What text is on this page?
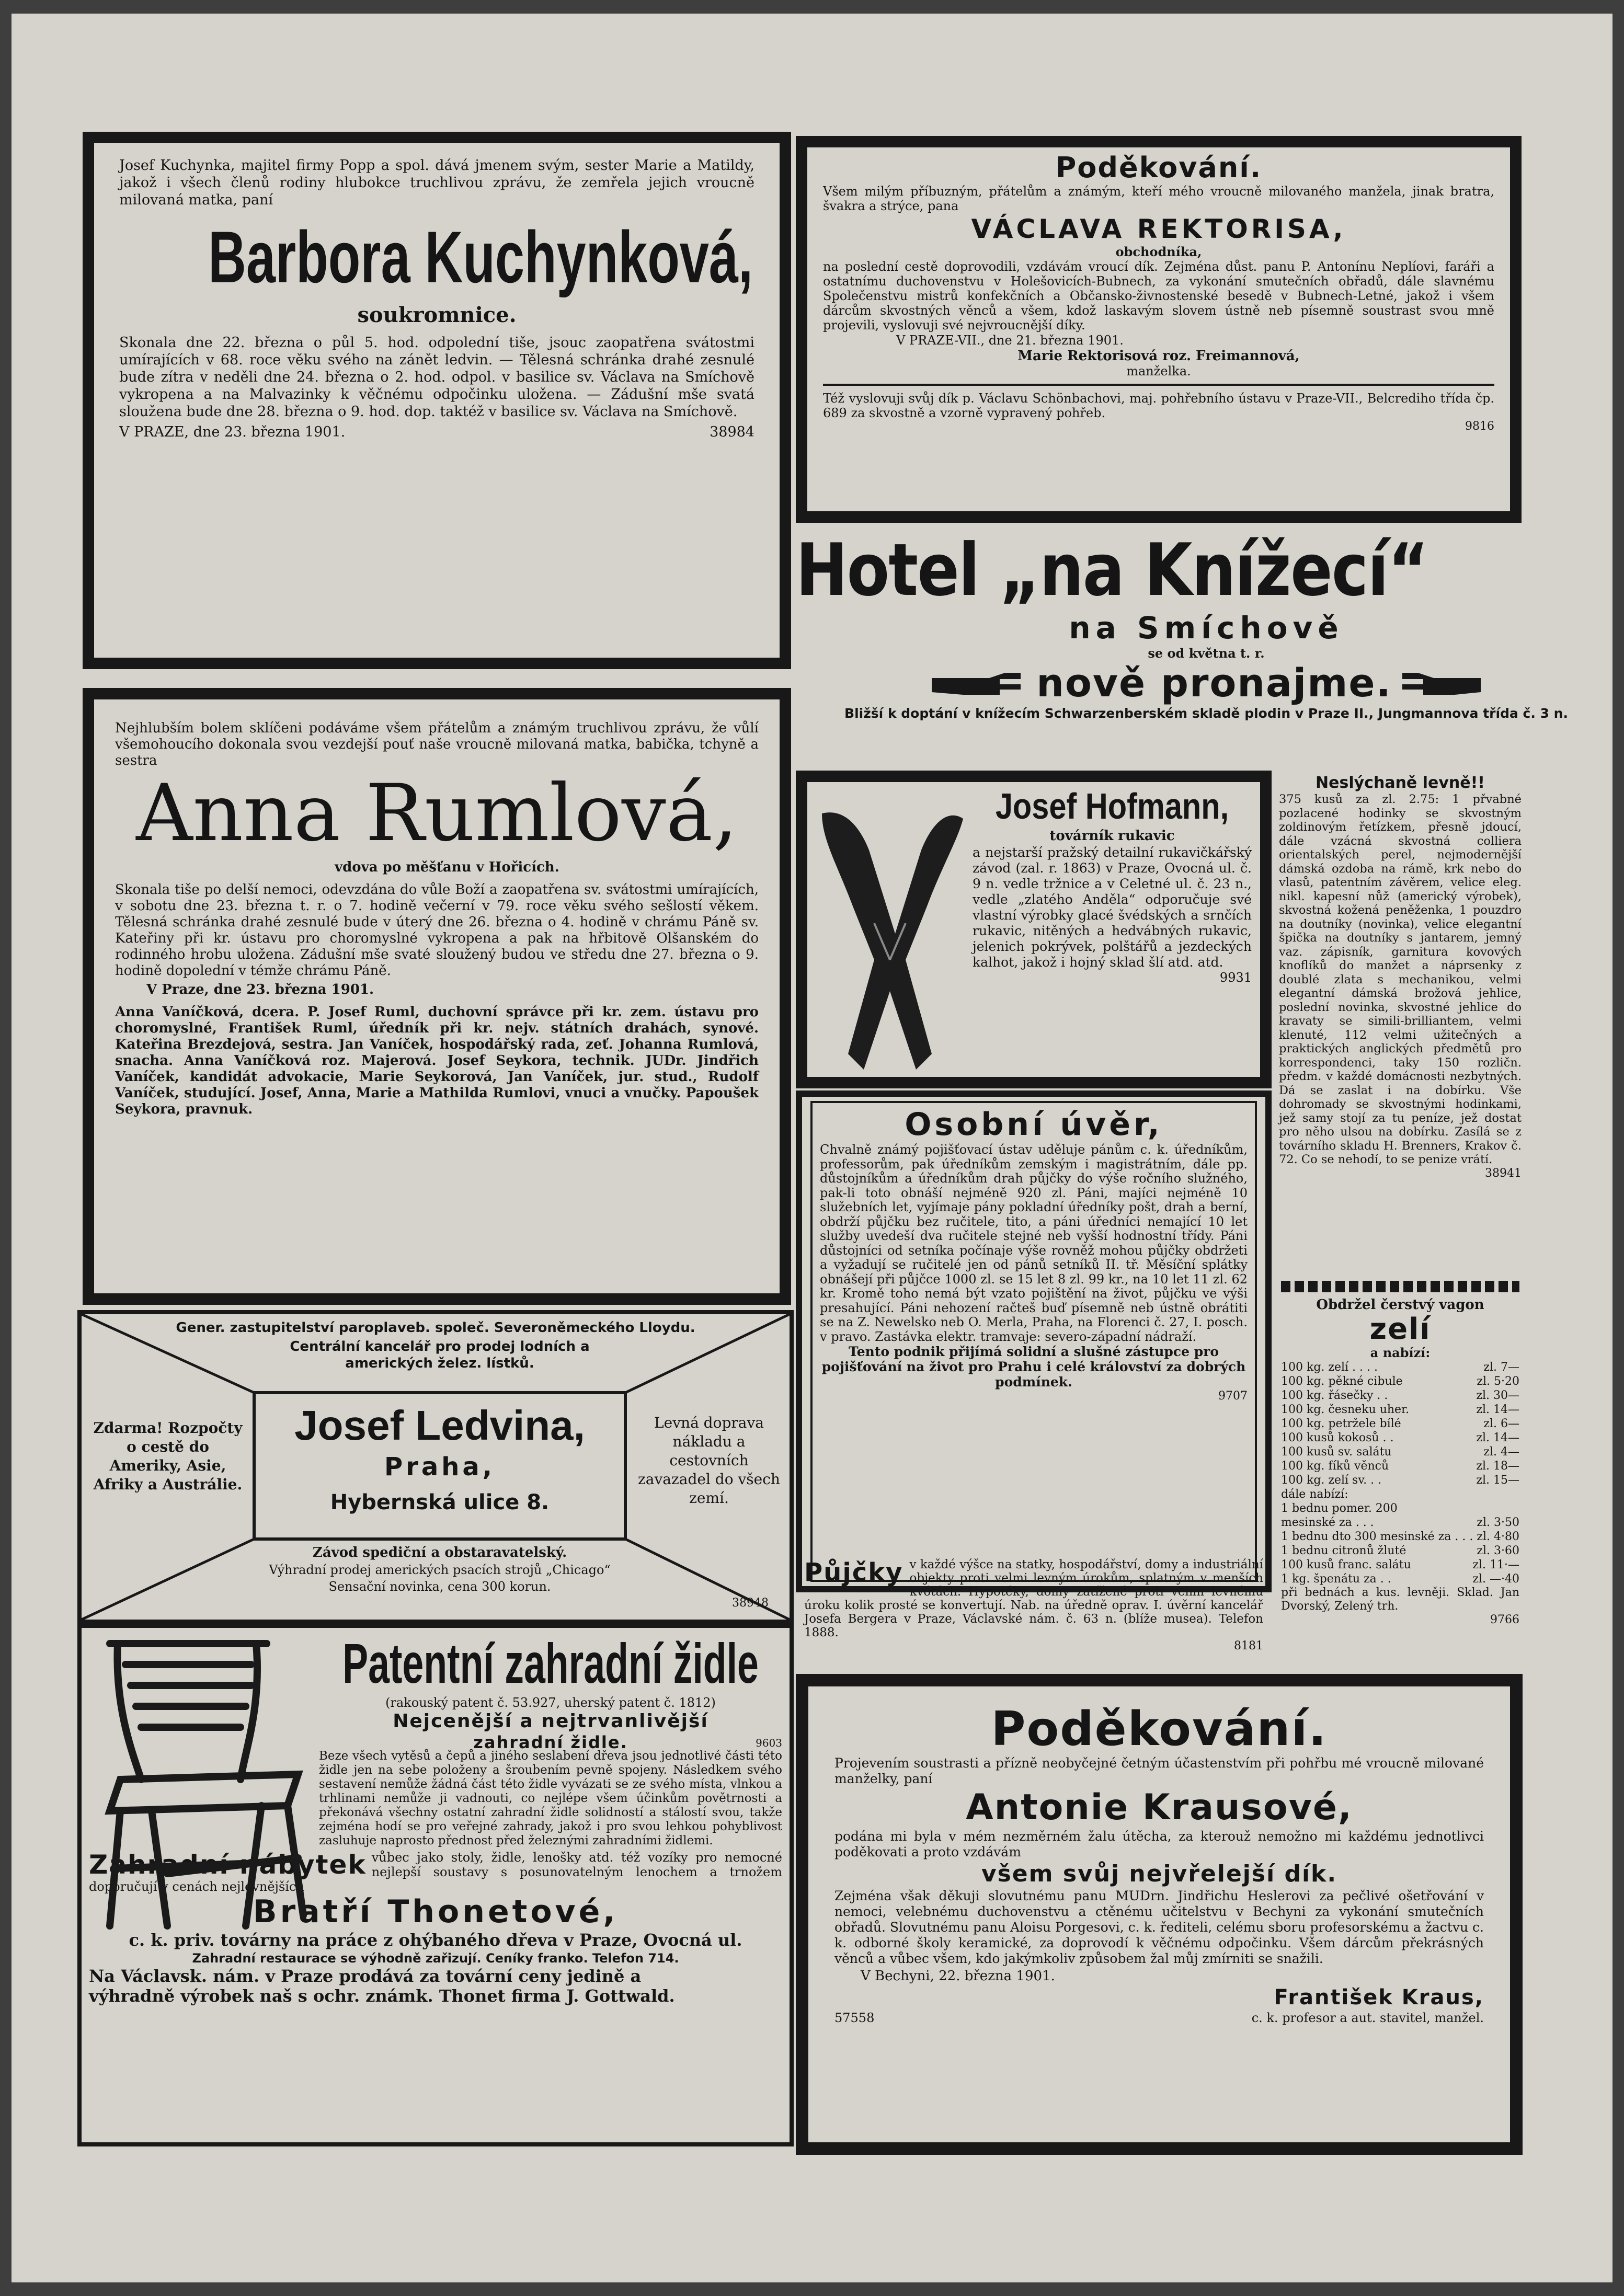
Josef Kuchynka, majitel firmy Popp a spol. dává jmenem svým, sester Marie a Matildy, jakož i všech členů rodiny hlubokce truchlivou zprávu, že zemřela jejich vroucně milovaná matka, paní

Barbora Kuchynková,
soukromnice.

Skonala dne 22. března o půl 5. hod. odpolední tiše, jsouc zaopatřena svátostmi umírajících v 68. roce věku svého na zánět ledvin. — Tělesná schránka drahé zesnulé bude zítra v neděli dne 24. března o 2. hod. odpol. v basilice sv. Václava na Smíchově vykropena a na Malvazinky k věčnému odpočinku uložena. — Zádušní mše svatá sloužena bude dne 28. března o 9. hod. dop. taktéž v basilice sv. Václava na Smíchově.

V PRAZE, dne 23. března 1901.	38984
Poděkování.

Všem milým příbuzným, přátelům a známým, kteří mého vroucně milovaného manžela, jinak bratra, švakra a strýce, pana

VÁCLAVA REKTORISA,
obchodníka,

na poslední cestě doprovodili, vzdávám vroucí dík. Zejména důst. panu P. Antonínu Neplíovi, faráři a ostatnímu duchovenstvu v Holešovicích-Bubnech, za vykonání smutečních obřadů, dále slavnému Společenstvu mistrů konfekčních a Občansko-živnostenské besedě v Bubnech-Letné, jakož i všem dárcům skvostných věnců a všem, kdož laskavým slovem ústně neb písemně soustrast svou mně projevili, vyslovuji své nejvroucnější díky.

V PRAZE-VII., dne 21. března 1901.
Marie Rektorisová roz. Freimannová,
manželka.

Též vyslovuji svůj dík p. Václavu Schönbachovi, maj. pohřebního ústavu v Praze-VII., Belcrediho třída čp. 689 za skvostně a vzorně vypravený pohřeb.

9816
Hotel „na Knížecí“
na Smíchově
se od května t. r.
nově pronajme.
Bližší k doptání v knížecím Schwarzenberském skladě plodin v Praze II., Jungmannova třída č. 3 n.

Nejhlubším bolem sklíčeni podáváme všem přátelům a známým truchlivou zprávu, že vůlí všemohoucího dokonala svou vezdejší pouť naše vroucně milovaná matka, babička, tchyně a sestra

Anna Rumlová,
vdova po měšťanu v Hořicích.

Skonala tiše po delší nemoci, odevzdána do vůle Boží a zaopatřena sv. svátostmi umírajících, v sobotu dne 23. března t. r. o 7. hodině večerní v 79. roce věku svého sešlostí věkem. Tělesná schránka drahé zesnulé bude v úterý dne 26. března o 4. hodině v chrámu Páně sv. Kateřiny při kr. ústavu pro choromyslné vykropena a pak na hřbitově Olšanském do rodinného hrobu uložena. Zádušní mše svaté sloužený budou ve středu dne 27. března o 9. hodině dopolední v témže chrámu Páně.

V Praze, dne 23. března 1901.

Anna Vaníčková, dcera. P. Josef Ruml, duchovní správce při kr. zem. ústavu pro choromyslné, František Ruml, úředník při kr. nejv. státních drahách, synové. Kateřina Brezdejová, sestra. Jan Vaníček, hospodářský rada, zeť. Johanna Rumlová, snacha. Anna Vaníčková roz. Majerová. Josef Seykora, technik. JUDr. Jindřich Vaníček, kandidát advokacie, Marie Seykorová, Jan Vaníček, jur. stud., Rudolf Vaníček, studující. Josef, Anna, Marie a Mathilda Rumlovi, vnuci a vnučky. Papoušek Seykora, pravnuk.

Josef Hofmann,
továrník rukavic

a nejstarší pražský detailní rukavičkářský závod (zal. r. 1863) v Praze, Ovocná ul. č. 9 n. vedle tržnice a v Celetné ul. č. 23 n., vedle „zlatého Anděla“ odporučuje své vlastní výrobky glacé švédských a srnčích rukavic, nitěných a hedvábných rukavic, jelenich pokrývek, polštářů a jezdeckých kalhot, jakož i hojný sklad šlí atd. atd.

9931
Neslýchaně levně!!

375 kusů za zl. 2.75: 1 přvabné pozlacené hodinky se skvostným zoldinovým řetízkem, přesně jdoucí, dále vzácná skvostná colliera orientalských perel, nejmodernější dámská ozdoba na rámě, krk nebo do vlasů, patentním závěrem, velice eleg. nikl. kapesní nůž (americký výrobek), skvostná kožená peněženka, 1 pouzdro na doutníky (novinka), velice elegantní špička na doutníky s jantarem, jemný vaz. zápisník, garnitura kovových knoflíků do manžet a náprsenky z doublé zlata s mechanikou, velmi elegantní dámská brožová jehlice, poslední novinka, skvostné jehlice do kravaty se simili-brilliantem, velmi klenuté, 112 velmi užitečných a praktických anglických předmětů pro korrespondenci, taky 150 rozličn. předm. v každé domácnosti nezbytných. Dá se zaslat i na dobírku. Vše dohromady se skvostnými hodinkami, jež samy stojí za tu peníze, jež dostat pro něho ulsou na dobírku. Zasílá se z továrního skladu H. Brenners, Krakov č. 72. Co se nehodí, to se penize vrátí.

38941
Osobní úvěr,

Chvalně známý pojišťovací ústav uděluje pánům c. k. úředníkům, professorům, pak úředníkům zemským i magistrátním, dále pp. důstojníkům a úředníkům drah půjčky do výše ročního služného, pak-li toto obnáší nejméně 920 zl. Páni, majíci nejméně 10 služebních let, vyjímaje pány pokladní úředníky pošt, drah a berní, obdrží půjčku bez ručitele, tito, a páni úředníci nemající 10 let služby uvedeší dva ručitele stejné neb vyšší hodnostní třídy. Páni důstojníci od setníka počínaje výše rovněž mohou půjčky obdržeti a vyžadují se ručitelé jen od pánů setníků II. tř. Měsíční splátky obnášejí při půjčce 1000 zl. se 15 let 8 zl. 99 kr., na 10 let 11 zl. 62 kr. Kromě toho nemá být vzato pojištění na život, půjčku ve výši presahující. Páni nehození račteš buď písemně neb ústně obrátiti se na Z. Newelsko neb O. Merla, Praha, na Florenci č. 27, I. posch. v pravo. Zastávka elektr. tramvaje: severo-západní nádraží.

Tento podnik přijímá solidní a slušné zástupce pro pojišťování na život pro Prahu i celé království za dobrých podmínek.

9707
Gener. zastupitelství paroplaveb. společ. Severoněmeckého Lloydu.
Centrální kancelář pro prodej lodních a amerických želez. lístků.
Zdarma! Rozpočty o cestě do Ameriky, Asie, Afriky a Austrálie.
Josef Ledvina,
Praha,
Hybernská ulice 8.
Levná doprava nákladu a cestovních zavazadel do všech zemí.
Závod spediční a obstaravatelský.
Výhradní prodej amerických psacích strojů „Chicago“
Sensační novinka, cena 300 korun.
38948
Obdržel čerstvý vagon
zelí
a nabízí:
100 kg. zelí . . . .	zl. 7—
100 kg. pěkné cibule	zl. 5·20
100 kg. řásečky . .	zl. 30—
100 kg. česneku uher.	zl. 14—
100 kg. petržele bílé	zl. 6—
100 kusů kokosů . .	zl. 14—
100 kusů sv. salátu	zl. 4—
100 kg. fíků věnců	zl. 18—
100 kg. zelí sv. . .	zl. 15—
dále nabízí:
1 bednu pomer. 200
mesinské za . . .	zl. 3·50
1 bednu dto 300 mesinské za . . . zl. 4·80
1 bednu citronů žluté	zl. 3·60
100 kusů franc. salátu	zl. 11·—
1 kg. špenátu za . .	zl. —·40

při bednách a kus. levněji. Sklad. Jan Dvorský, Zelený trh.

9766

Půjčky v každé výšce na statky, hospodářství, domy a industriální objekty proti velmi levným úrokům, splatným v menších kvótách. Hypotéky, domy zatížené proti velmi levnému úroku kolik prosté se konvertují. Nab. na úředně oprav. I. úvěrní kancelář Josefa Bergera v Praze, Václavské nám. č. 63 n. (blíže musea). Telefon 1888.

8181
Patentní zahradní židle
(rakouský patent č. 53.927, uherský patent č. 1812)
Nejcenější a nejtrvanlivější
zahradní židle.	9603

Beze všech vytěsů a čepů a jiného seslabení dřeva jsou jednotlivé části této židle jen na sebe položeny a šroubením pevně spojeny. Následkem svého sestavení nemůže žádná část této židle vyvázati se ze svého místa, vlnkou a trhlinami nemůže ji vadnouti, co nejlépe všem účinkům povětrnosti a překonává všechny ostatní zahradní židle solidností a stálostí svou, takže zejména hodí se pro veřejné zahrady, jakož i pro svou lehkou pohyblivost zasluhuje naprosto přednost před železnými zahradními židlemi.

Zahradní nábytek vůbec jako stoly, židle, lenošky atd. též vozíky pro nemocné nejlepší soustavy s posunovatelným lenochem a trnožem doporučují v cenách nejlevnějších

Bratří Thonetové,
c. k. priv. továrny na práce z ohýbaného dřeva v Praze, Ovocná ul.
Zahradní restaurace se výhodně zařizují. Ceníky franko. Telefon 714.
Na Václavsk. nám. v Praze prodává za tovární ceny jedině a
výhradně výrobek naš s ochr. známk. Thonet firma J. Gottwald.
Poděkování.

Projevením soustrasti a přízně neobyčejné četným účastenstvím při pohřbu mé vroucně milované manželky, paní

Antonie Krausové,

podána mi byla v mém nezměrném žalu útěcha, za kterouž nemožno mi každému jednotlivci poděkovati a proto vzdávám

všem svůj nejvřelejší dík.

Zejména však děkuji slovutnému panu MUDrn. Jindřichu Heslerovi za pečlivé ošetřování v nemoci, velebnému duchovenstvu a ctěnému učitelstvu v Bechyni za vykonání smutečních obřadů. Slovutnému panu Aloisu Porgesovi, c. k. řediteli, celému sboru profesorskému a žactvu c. k. odborné školy keramické, za doprovodí k věčnému odpočinku. Všem dárcům překrásných věnců a vůbec všem, kdo jakýmkoliv způsobem žal můj zmírniti se snažili.

V Bechyni, 22. března 1901.
František Kraus,
57558	c. k. profesor a aut. stavitel, manžel.
